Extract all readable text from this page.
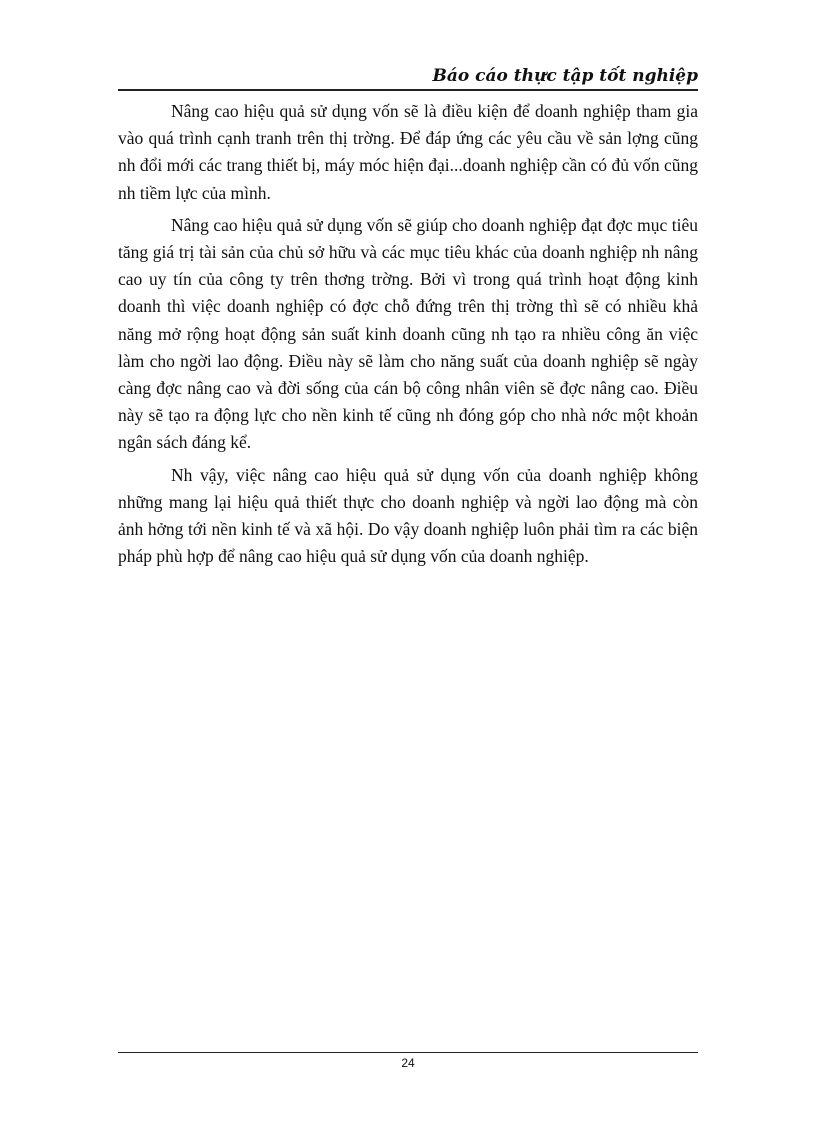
Báo cáo thực tập tốt nghiệp

Nâng cao hiệu quả sử dụng vốn sẽ là điều kiện để doanh nghiệp tham gia vào quá trình cạnh tranh trên thị trờng. Để đáp ứng các yêu cầu về sản lợng cũng nh đổi mới các trang thiết bị, máy móc hiện đại...doanh nghiệp cần có đủ vốn cũng nh tiềm lực của mình.

Nâng cao hiệu quả sử dụng vốn sẽ giúp cho doanh nghiệp đạt đợc mục tiêu tăng giá trị tài sản của chủ sở hữu và các mục tiêu khác của doanh nghiệp nh nâng cao uy tín của công ty trên thơng trờng. Bởi vì trong quá trình hoạt động kinh doanh thì việc doanh nghiệp có đợc chỗ đứng trên thị trờng thì sẽ có nhiều khả năng mở rộng hoạt động sản suất kinh doanh cũng nh tạo ra nhiều công ăn việc làm cho ngời lao động. Điều này sẽ làm cho năng suất của doanh nghiệp sẽ ngày càng đợc nâng cao và đời sống của cán bộ công nhân viên sẽ đợc nâng cao. Điều này sẽ tạo ra động lực cho nền kinh tế cũng nh đóng góp cho nhà nớc một khoản ngân sách đáng kể.

Nh vậy, việc nâng cao hiệu quả sử dụng vốn của doanh nghiệp không những mang lại hiệu quả thiết thực cho doanh nghiệp và ngời lao động mà còn ảnh hởng tới nền kinh tế và xã hội. Do vậy doanh nghiệp luôn phải tìm ra các biện pháp phù hợp để nâng cao hiệu quả sử dụng vốn của doanh nghiệp.

24
